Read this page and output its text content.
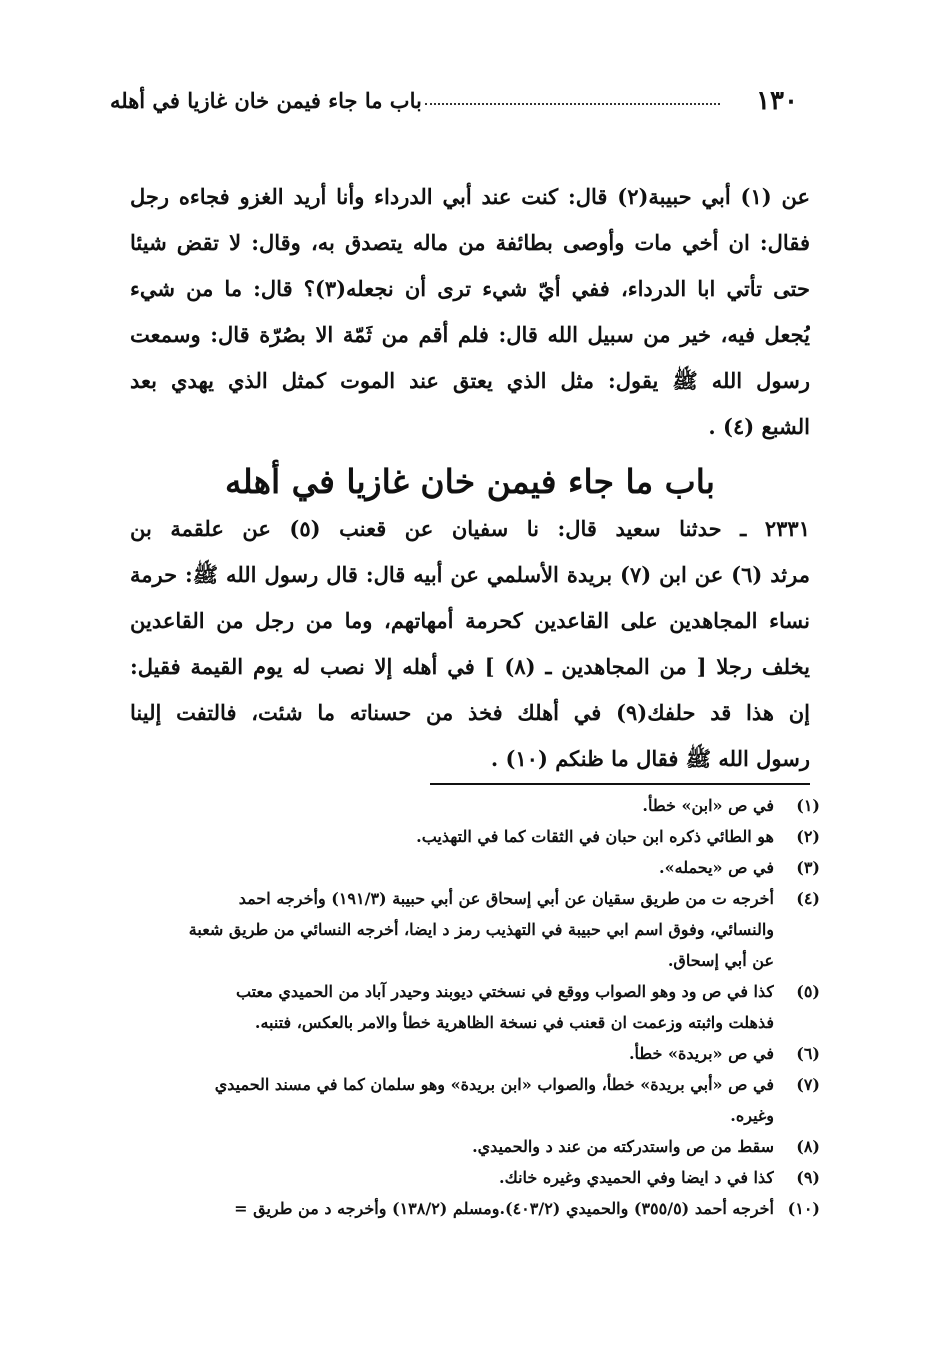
١٣٠
باب ما جاء فيمن خان غازيا في أهله
عن (١) أبي حبيبة(٢) قال: كنت عند أبي الدرداء وأنا أريد الغزو فجاءه رجل
فقال: ان أخي مات وأوصى بطائفة من ماله يتصدق به، وقال: لا تقض شيئا
حتى تأتي ابا الدرداء، ففي أيّ شيء ترى أن نجعله(٣)؟ قال: ما من شيء
يُجعل فيه، خير من سبيل الله قال: فلم أقم من ثَمّة الا بصُرّة قال: وسمعت
رسول الله ﷺ يقول: مثل الذي يعتق عند الموت كمثل الذي يهدي بعد
الشبع (٤) .
باب ما جاء فيمن خان غازيا في أهله
٢٣٣١ ـ حدثنا سعيد قال: نا سفيان عن قعنب (٥) عن علقمة بن
مرثد (٦) عن ابن (٧) بريدة الأسلمي عن أبيه قال: قال رسول الله ﷺ: حرمة
نساء المجاهدين على القاعدين كحرمة أمهاتهم، وما من رجل من القاعدين
يخلف رجلا [ من المجاهدين ـ (٨) ] في أهله إلا نصب له يوم القيمة فقيل:
إن هذا قد حلفك(٩) في أهلك فخذ من حسناته ما شئت، فالتفت إلينا
رسول الله ﷺ فقال ما ظنكم (١٠) .
(١)
في ص «ابن» خطأ.
(٢)
هو الطائي ذكره ابن حبان في الثقات كما في التهذيب.
(٣)
في ص «يحمله».
(٤)
أخرجه ت من طريق سقيان عن أبي إسحاق عن أبي حبيبة (١٩١/٣) وأخرجه احمد
والنسائي، وفوق اسم ابي حبيبة في التهذيب رمز د ايضا، أخرجه النسائي من طريق شعبة
عن أبي إسحاق.
(٥)
كذا في ص ود وهو الصواب ووقع في نسختي ديوبند وحيدر آباد من الحميدي معتب
فذهلت واثبته وزعمت ان قعنب في نسخة الظاهرية خطأ والامر بالعكس، فتنبه.
(٦)
في ص «بريدة» خطأ.
(٧)
في ص «أبي بريدة» خطأ، والصواب «ابن بريدة» وهو سلمان كما في مسند الحميدي
وغيره.
(٨)
سقط من ص واستدركته من عند د والحميدي.
(٩)
كذا في د ايضا وفي الحميدي وغيره خانك.
(١٠)
أخرجه أحمد (٣٥٥/٥) والحميدي (٤٠٣/٢).ومسلم (١٣٨/٢) وأخرجه د من طريق =
